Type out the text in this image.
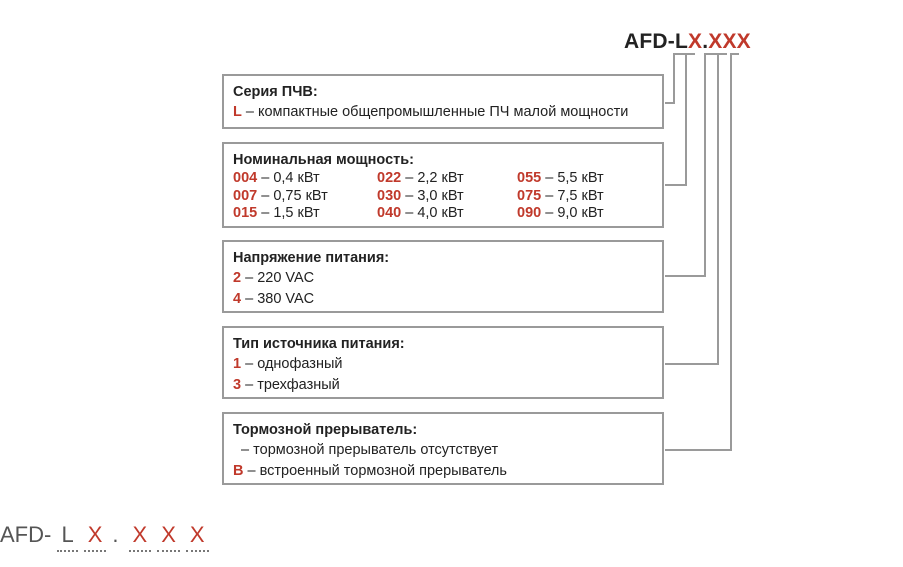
AFD-LX.XXX
Серия ПЧВ:
L – компактные общепромышленные ПЧ малой мощности
Номинальная мощность:
004 – 0,4 кВт	022 – 2,2 кВт	055 – 5,5 кВт
007 – 0,75 кВт	030 – 3,0 кВт	075 – 7,5 кВт
015 – 1,5 кВт	040 – 4,0 кВт	090 – 9,0 кВт
Напряжение питания:
2 – 220 VAC
4 – 380 VAC
Тип источника питания:
1 – однофазный
3 – трехфазный
Тормозной прерыватель:
– тормозной прерыватель отсутствует
B – встроенный тормозной прерыватель
AFD- L X . X X X
